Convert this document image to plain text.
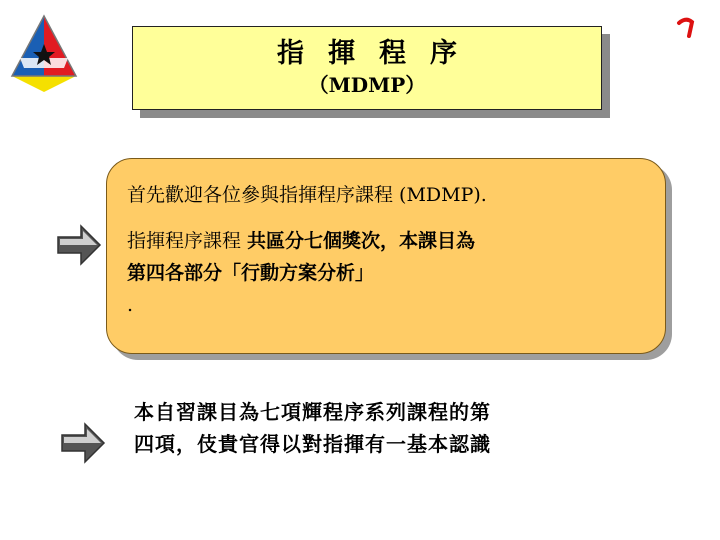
指揮程序
（MDMP）
首先歡迎各位參與指揮程序課程 (MDMP).
指揮程序課程 共區分七個獎次，本課目為
第四各部分「行動方案分析」
.
本自習課目為七項輝程序系列課程的第
四項，伎貴官得以對指揮有一基本認識
